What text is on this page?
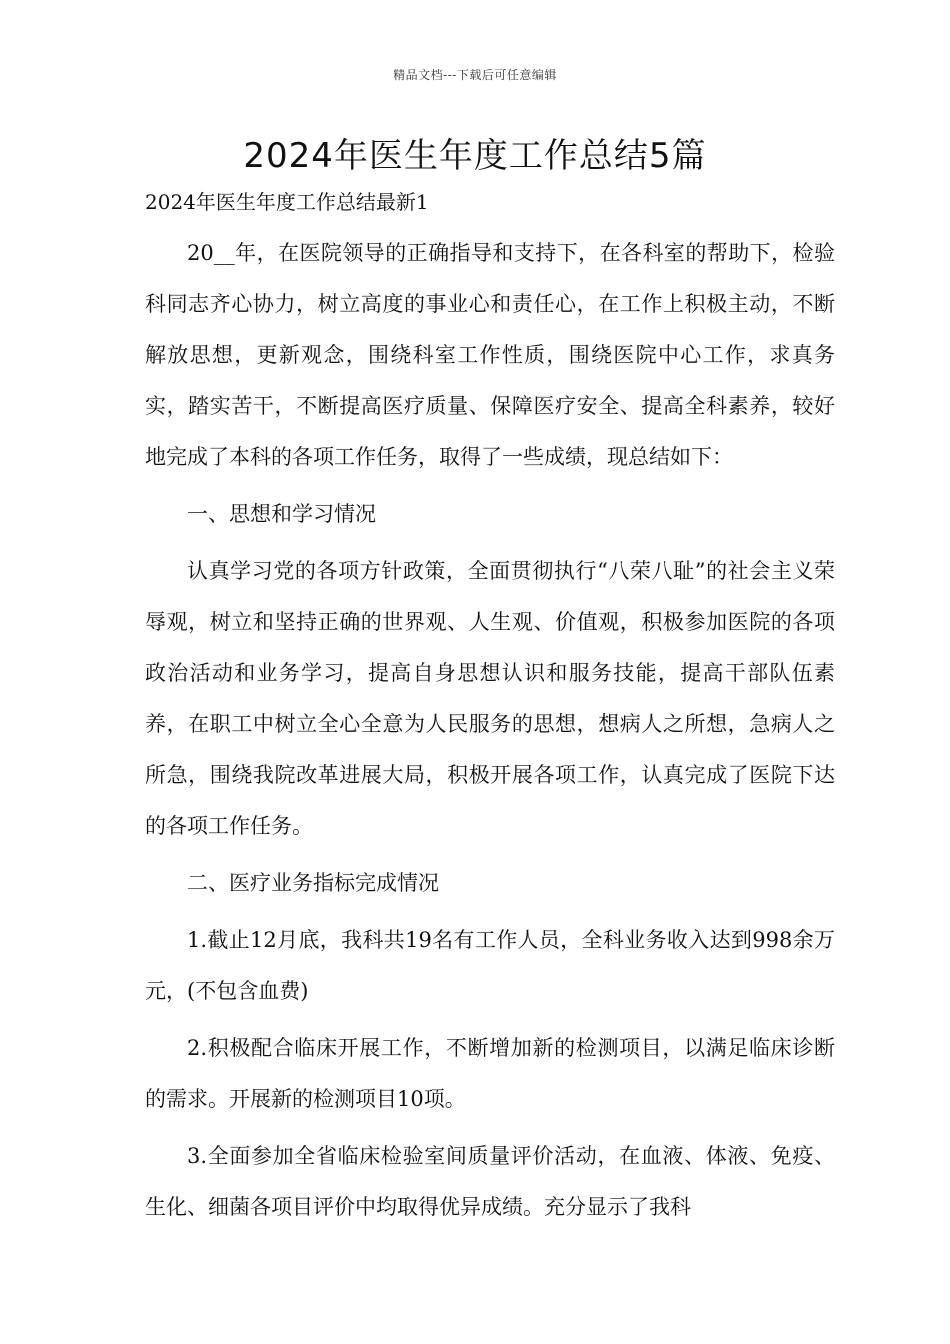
精品文档---下载后可任意编辑
2024年医生年度工作总结5篇

2024年医生年度工作总结最新1

20__年，在医院领导的正确指导和支持下，在各科室的帮助下，检验科同志齐心协力，树立高度的事业心和责任心，在工作上积极主动，不断解放思想，更新观念，围绕科室工作性质，围绕医院中心工作，求真务实，踏实苦干，不断提高医疗质量、保障医疗安全、提高全科素养，较好地完成了本科的各项工作任务，取得了一些成绩，现总结如下：

一、思想和学习情况

认真学习党的各项方针政策，全面贯彻执行“八荣八耻”的社会主义荣辱观，树立和坚持正确的世界观、人生观、价值观，积极参加医院的各项政治活动和业务学习，提高自身思想认识和服务技能，提高干部队伍素养，在职工中树立全心全意为人民服务的思想，想病人之所想，急病人之所急，围绕我院改革进展大局，积极开展各项工作，认真完成了医院下达的各项工作任务。

二、医疗业务指标完成情况

1.截止12月底，我科共19名有工作人员，全科业务收入达到998余万元，(不包含血费)

2.积极配合临床开展工作，不断增加新的检测项目，以满足临床诊断的需求。开展新的检测项目10项。

3.全面参加全省临床检验室间质量评价活动，在血液、体液、免疫、生化、细菌各项目评价中均取得优异成绩。充分显示了我科
